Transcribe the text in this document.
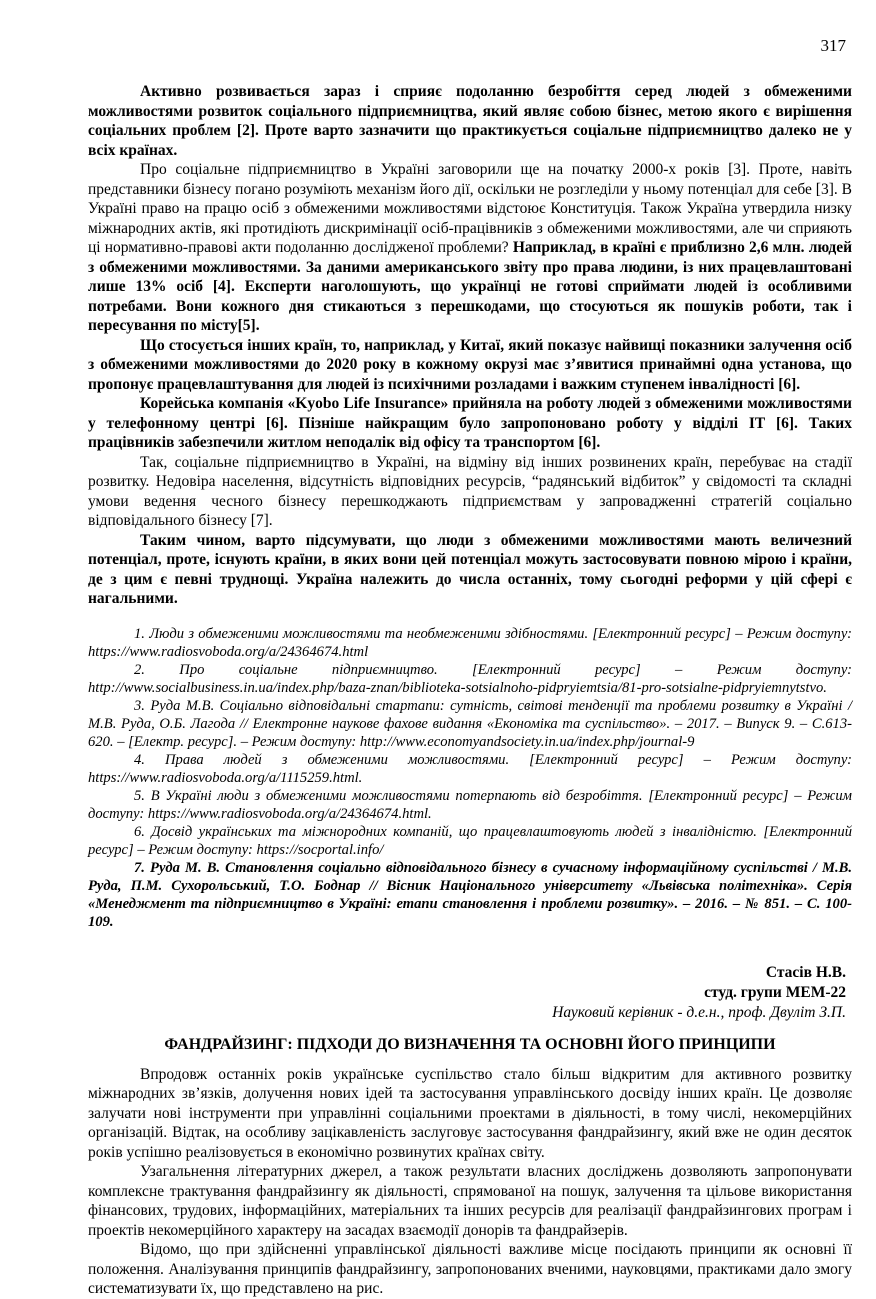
317

Активно розвивається зараз і сприяє подоланню безробіття серед людей з обмеженими можливостями розвиток соціального підприємництва, який являє собою бізнес, метою якого є вирішення соціальних проблем [2]. Проте варто зазначити що практикується соціальне підприємництво далеко не у всіх країнах.

Про соціальне підприємництво в Україні заговорили ще на початку 2000-х років [3]. Проте, навіть представники бізнесу погано розуміють механізм його дії, оскільки не розгледіли у ньому потенціал для себе [3]. В Україні право на працю осіб з обмеженими можливостями відстоює Конституція. Також Україна утвердила низку міжнародних актів, які протидіють дискримінації осіб-працівників з обмеженими можливостями, але чи сприяють ці нормативно-правові акти подоланню дослідженої проблеми? Наприклад, в країні є приблизно 2,6 млн. людей з обмеженими можливостями. За даними американського звіту про права людини, із них працевлаштовані лише 13% осіб [4]. Експерти наголошують, що українці не готові сприймати людей із особливими потребами. Вони кожного дня стикаються з перешкодами, що стосуються як пошуків роботи, так і пересування по місту[5].

Що стосується інших країн, то, наприклад, у Китаї, який показує найвищі показники залучення осіб з обмеженими можливостями до 2020 року в кожному окрузі має з’явитися принаймні одна установа, що пропонує працевлаштування для людей із психічними розладами і важким ступенем інвалідності [6].

Корейська компанія «Kyobo Life Insurance» прийняла на роботу людей з обмеженими можливостями у телефонному центрі [6]. Пізніше найкращим було запропоновано роботу у відділі ІТ [6]. Таких працівників забезпечили житлом неподалік від офісу та транспортом [6].

Так, соціальне підприємництво в Україні, на відміну від інших розвинених країн, перебуває на стадії розвитку. Недовіра населення, відсутність відповідних ресурсів, “радянський відбиток” у свідомості та складні умови ведення чесного бізнесу перешкоджають підприємствам у запровадженні стратегій соціально відповідального бізнесу [7].

Таким чином, варто підсумувати, що люди з обмеженими можливостями мають величезний потенціал, проте, існують країни, в яких вони цей потенціал можуть застосовувати повною мірою і країни, де з цим є певні труднощі. Україна належить до числа останніх, тому сьогодні реформи у цій сфері є нагальними.

1. Люди з обмеженими можливостями та необмеженими здібностями. [Електронний ресурс] – Режим доступу: https://www.radiosvoboda.org/a/24364674.html

2. Про соціальне підприємництво. [Електронний ресурс] – Режим доступу: http://www.socialbusiness.in.ua/index.php/baza-znan/biblioteka-sotsialnoho-pidpryiemtsia/81-pro-sotsialne-pidpryiemnytstvo.

3. Руда М.В. Соціально відповідальні стартапи: сутність, світові тенденції та проблеми розвитку в Україні / М.В. Руда, О.Б. Лагода // Електронне наукове фахове видання «Економіка та суспільство». – 2017. – Випуск 9. – С.613-620. – [Електр. ресурс]. – Режим доступу: http://www.economyandsociety.in.ua/index.php/journal-9

4. Права людей з обмеженими можливостями. [Електронний ресурс] – Режим доступу: https://www.radiosvoboda.org/a/1115259.html.

5. В Україні люди з обмеженими можливостями потерпають від безробіття. [Електронний ресурс] – Режим доступу: https://www.radiosvoboda.org/a/24364674.html.

6. Досвід українських та міжнородних компаній, що працевлаштовують людей з інвалідністю. [Електронний ресурс] – Режим доступу: https://socportal.info/

7. Руда М. В. Становлення соціально відповідального бізнесу в сучасному інформаційному суспільстві / М.В. Руда, П.М. Сухорольський, Т.О. Боднар // Вісник Національного університету «Львівська політехніка». Серія «Менеджмент та підприємництво в Україні: етапи становлення і проблеми розвитку». – 2016. – № 851. – С. 100-109.

Стасів Н.В.
студ. групи МЕМ-22
Науковий керівник - д.е.н., проф. Двуліт З.П.
ФАНДРАЙЗИНГ: ПІДХОДИ ДО ВИЗНАЧЕННЯ ТА ОСНОВНІ ЙОГО ПРИНЦИПИ

Впродовж останніх років українське суспільство стало більш відкритим для активного розвитку міжнародних зв’язків, долучення нових ідей та застосування управлінського досвіду інших країн. Це дозволяє залучати нові інструменти при управлінні соціальними проектами в діяльності, в тому числі, некомерційних організацій. Відтак, на особливу зацікавленість заслуговує застосування фандрайзингу, який вже не один десяток років успішно реалізовується в економічно розвинутих країнах світу.

Узагальнення літературних джерел, а також результати власних досліджень дозволяють запропонувати комплексне трактування фандрайзингу як діяльності, спрямованої на пошук, залучення та цільове використання фінансових, трудових, інформаційних, матеріальних та інших ресурсів для реалізації фандрайзингових програм і проектів некомерційного характеру на засадах взаємодії донорів та фандрайзерів.

Відомо, що при здійсненні управлінської діяльності важливе місце посідають принципи як основні її положення. Аналізування принципів фандрайзингу, запропонованих вченими, науковцями, практиками дало змогу систематизувати їх, що представлено на рис.
